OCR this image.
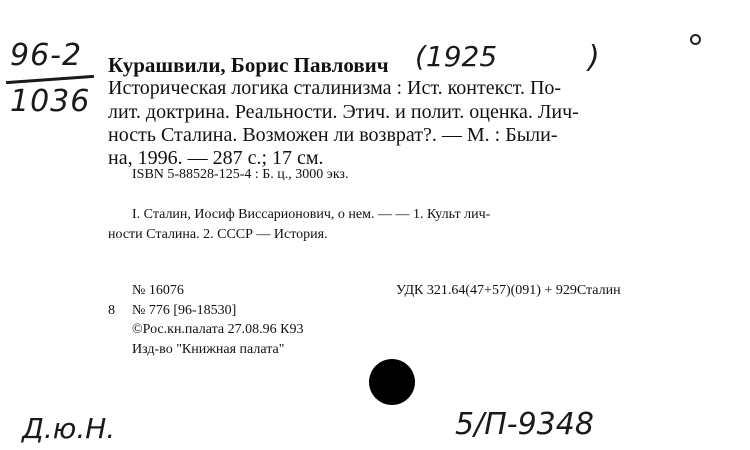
96-2
1036
Курашвили, Борис Павлович (1925	)
Историческая логика сталинизма : Ист. контекст. По-
лит. доктрина. Реальности. Этич. и полит. оценка. Лич-
ность Сталина. Возможен ли возврат?. — М. : Были-
на, 1996. — 287 с.; 17 см.
ISBN 5-88528-125-4 : Б. ц., 3000 экз.
I. Сталин, Иосиф Виссарионович, о нем. — — 1. Культ лич-
ности Сталина. 2. СССР — История.
№ 16076	УДК 321.64(47+57)(091) + 929Сталин
8 № 776 [96-18530]
©Рос.кн.палата 27.08.96 К93
Изд-во "Книжная палата"
Д.ю.Н.	5/П-9348
